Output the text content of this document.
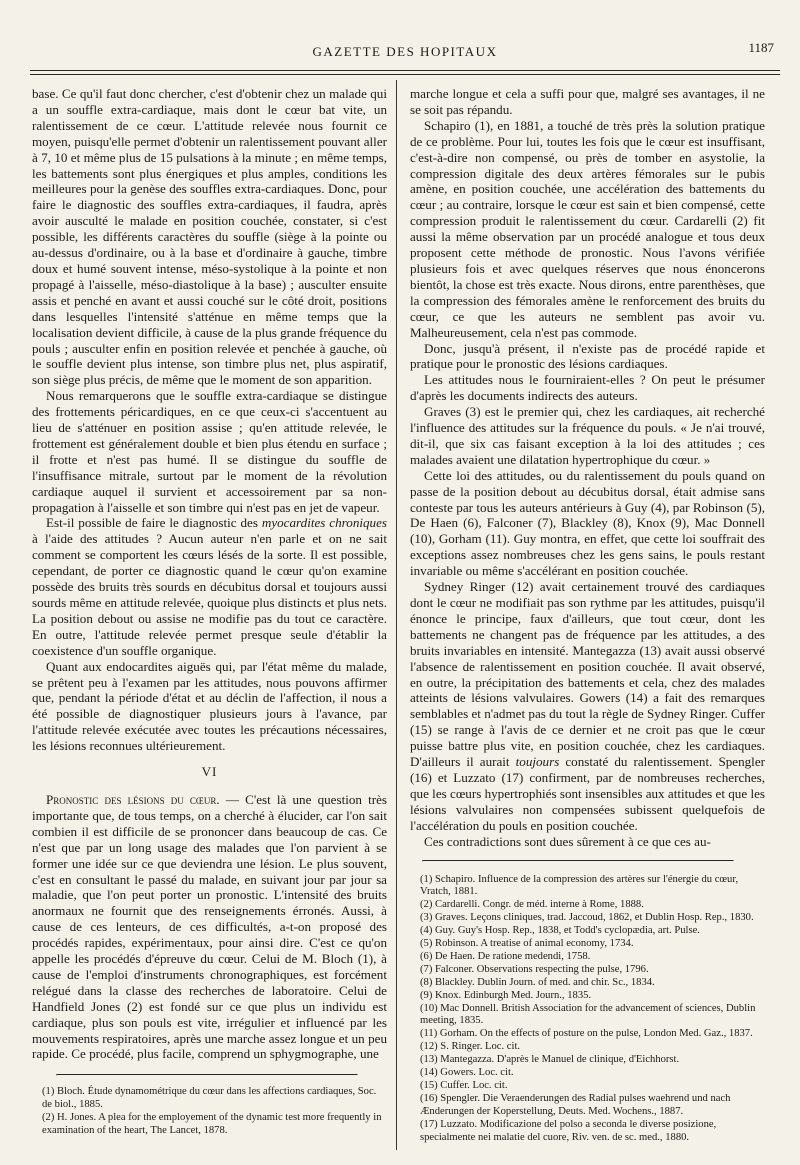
GAZETTE DES HOPITAUX	1187

base. Ce qu'il faut donc chercher, c'est d'obtenir chez un malade qui a un souffle extra-cardiaque, mais dont le cœur bat vite, un ralentissement de ce cœur. L'attitude relevée nous fournit ce moyen, puisqu'elle permet d'obtenir un ralentissement pouvant aller à 7, 10 et même plus de 15 pulsations à la minute ; en même temps, les battements sont plus énergiques et plus amples, conditions les meilleures pour la genèse des souffles extra-cardiaques. Donc, pour faire le diagnostic des souffles extra-cardiaques, il faudra, après avoir ausculté le malade en position couchée, constater, si c'est possible, les différents caractères du souffle (siège à la pointe ou au-dessus d'ordinaire, ou à la base et d'ordinaire à gauche, timbre doux et humé souvent intense, méso-systolique à la pointe et non propagé à l'aisselle, méso-diastolique à la base) ; ausculter ensuite assis et penché en avant et aussi couché sur le côté droit, positions dans lesquelles l'intensité s'atténue en même temps que la localisation devient difficile, à cause de la plus grande fréquence du pouls ; ausculter enfin en position relevée et penchée à gauche, où le souffle devient plus intense, son timbre plus net, plus aspiratif, son siège plus précis, de même que le moment de son apparition.

Nous remarquerons que le souffle extra-cardiaque se distingue des frottements péricardiques, en ce que ceux-ci s'accentuent au lieu de s'atténuer en position assise ; qu'en attitude relevée, le frottement est généralement double et bien plus étendu en surface ; il frotte et n'est pas humé. Il se distingue du souffle de l'insuffisance mitrale, surtout par le moment de la révolution cardiaque auquel il survient et accessoirement par sa non-propagation à l'aisselle et son timbre qui n'est pas en jet de vapeur.

Est-il possible de faire le diagnostic des myocardites chroniques à l'aide des attitudes ? Aucun auteur n'en parle et on ne sait comment se comportent les cœurs lésés de la sorte. Il est possible, cependant, de porter ce diagnostic quand le cœur qu'on examine possède des bruits très sourds en décubitus dorsal et toujours aussi sourds même en attitude relevée, quoique plus distincts et plus nets. La position debout ou assise ne modifie pas du tout ce caractère. En outre, l'attitude relevée permet presque seule d'établir la coexistence d'un souffle organique.

Quant aux endocardites aiguës qui, par l'état même du malade, se prêtent peu à l'examen par les attitudes, nous pouvons affirmer que, pendant la période d'état et au déclin de l'affection, il nous a été possible de diagnostiquer plusieurs jours à l'avance, par l'attitude relevée exécutée avec toutes les précautions nécessaires, les lésions reconnues ultérieurement.

VI

Pronostic des lésions du cœur. — C'est là une question très importante que, de tous temps, on a cherché à élucider, car l'on sait combien il est difficile de se prononcer dans beaucoup de cas. Ce n'est que par un long usage des malades que l'on parvient à se former une idée sur ce que deviendra une lésion. Le plus souvent, c'est en consultant le passé du malade, en suivant jour par jour sa maladie, que l'on peut porter un pronostic. L'intensité des bruits anormaux ne fournit que des renseignements érronés. Aussi, à cause de ces lenteurs, de ces difficultés, a-t-on proposé des procédés rapides, expérimentaux, pour ainsi dire. C'est ce qu'on appelle les procédés d'épreuve du cœur. Celui de M. Bloch (1), à cause de l'emploi d'instruments chronographiques, est forcément relégué dans la classe des recherches de laboratoire. Celui de Handfield Jones (2) est fondé sur ce que plus un individu est cardiaque, plus son pouls est vite, irrégulier et influencé par les mouvements respiratoires, après une marche assez longue et un peu rapide. Ce procédé, plus facile, comprend un sphygmographe, une

(1) Bloch. Étude dynamométrique du cœur dans les affections cardiaques, Soc. de biol., 1885.

(2) H. Jones. A plea for the employement of the dynamic test more frequently in examination of the heart, The Lancet, 1878.

marche longue et cela a suffi pour que, malgré ses avantages, il ne se soit pas répandu.

Schapiro (1), en 1881, a touché de très près la solution pratique de ce problème. Pour lui, toutes les fois que le cœur est insuffisant, c'est-à-dire non compensé, ou près de tomber en asystolie, la compression digitale des deux artères fémorales sur le pubis amène, en position couchée, une accélération des battements du cœur ; au contraire, lorsque le cœur est sain et bien compensé, cette compression produit le ralentissement du cœur. Cardarelli (2) fit aussi la même observation par un procédé analogue et tous deux proposent cette méthode de pronostic. Nous l'avons vérifiée plusieurs fois et avec quelques réserves que nous énoncerons bientôt, la chose est très exacte. Nous dirons, entre parenthèses, que la compression des fémorales amène le renforcement des bruits du cœur, ce que les auteurs ne semblent pas avoir vu. Malheureusement, cela n'est pas commode.

Donc, jusqu'à présent, il n'existe pas de procédé rapide et pratique pour le pronostic des lésions cardiaques.

Les attitudes nous le fourniraient-elles ? On peut le présumer d'après les documents indirects des auteurs.

Graves (3) est le premier qui, chez les cardiaques, ait recherché l'influence des attitudes sur la fréquence du pouls. « Je n'ai trouvé, dit-il, que six cas faisant exception à la loi des attitudes ; ces malades avaient une dilatation hypertrophique du cœur. »

Cette loi des attitudes, ou du ralentissement du pouls quand on passe de la position debout au décubitus dorsal, était admise sans conteste par tous les auteurs antérieurs à Guy (4), par Robinson (5), De Haen (6), Falconer (7), Blackley (8), Knox (9), Mac Donnell (10), Gorham (11). Guy montra, en effet, que cette loi souffrait des exceptions assez nombreuses chez les gens sains, le pouls restant invariable ou même s'accélérant en position couchée.

Sydney Ringer (12) avait certainement trouvé des cardiaques dont le cœur ne modifiait pas son rythme par les attitudes, puisqu'il énonce le principe, faux d'ailleurs, que tout cœur, dont les battements ne changent pas de fréquence par les attitudes, a des bruits invariables en intensité. Mantegazza (13) avait aussi observé l'absence de ralentissement en position couchée. Il avait observé, en outre, la précipitation des battements et cela, chez des malades atteints de lésions valvulaires. Gowers (14) a fait des remarques semblables et n'admet pas du tout la règle de Sydney Ringer. Cuffer (15) se range à l'avis de ce dernier et ne croit pas que le cœur puisse battre plus vite, en position couchée, chez les cardiaques. D'ailleurs il aurait toujours constaté du ralentissement. Spengler (16) et Luzzato (17) confirment, par de nombreuses recherches, que les cœurs hypertrophiés sont insensibles aux attitudes et que les lésions valvulaires non compensées subissent quelquefois de l'accélération du pouls en position couchée.

Ces contradictions sont dues sûrement à ce que ces au-

(1) Schapiro. Influence de la compression des artères sur l'énergie du cœur, Vratch, 1881.

(2) Cardarelli. Congr. de méd. interne à Rome, 1888.

(3) Graves. Leçons cliniques, trad. Jaccoud, 1862, et Dublin Hosp. Rep., 1830.

(4) Guy. Guy's Hosp. Rep., 1838, et Todd's cyclopædia, art. Pulse.

(5) Robinson. A treatise of animal economy, 1734.

(6) De Haen. De ratione medendi, 1758.

(7) Falconer. Observations respecting the pulse, 1796.

(8) Blackley. Dublin Journ. of med. and chir. Sc., 1834.

(9) Knox. Edinburgh Med. Journ., 1835.

(10) Mac Donnell. British Association for the advancement of sciences, Dublin meeting, 1835.

(11) Gorham. On the effects of posture on the pulse, London Med. Gaz., 1837.

(12) S. Ringer. Loc. cit.

(13) Mantegazza. D'après le Manuel de clinique, d'Eichhorst.

(14) Gowers. Loc. cit.

(15) Cuffer. Loc. cit.

(16) Spengler. Die Veraenderungen des Radial pulses waehrend und nach Ænderungen der Koperstellung, Deuts. Med. Wochens., 1887.

(17) Luzzato. Modificazione del polso a seconda le diverse posizione, specialmente nei malatie del cuore, Riv. ven. de sc. med., 1880.
